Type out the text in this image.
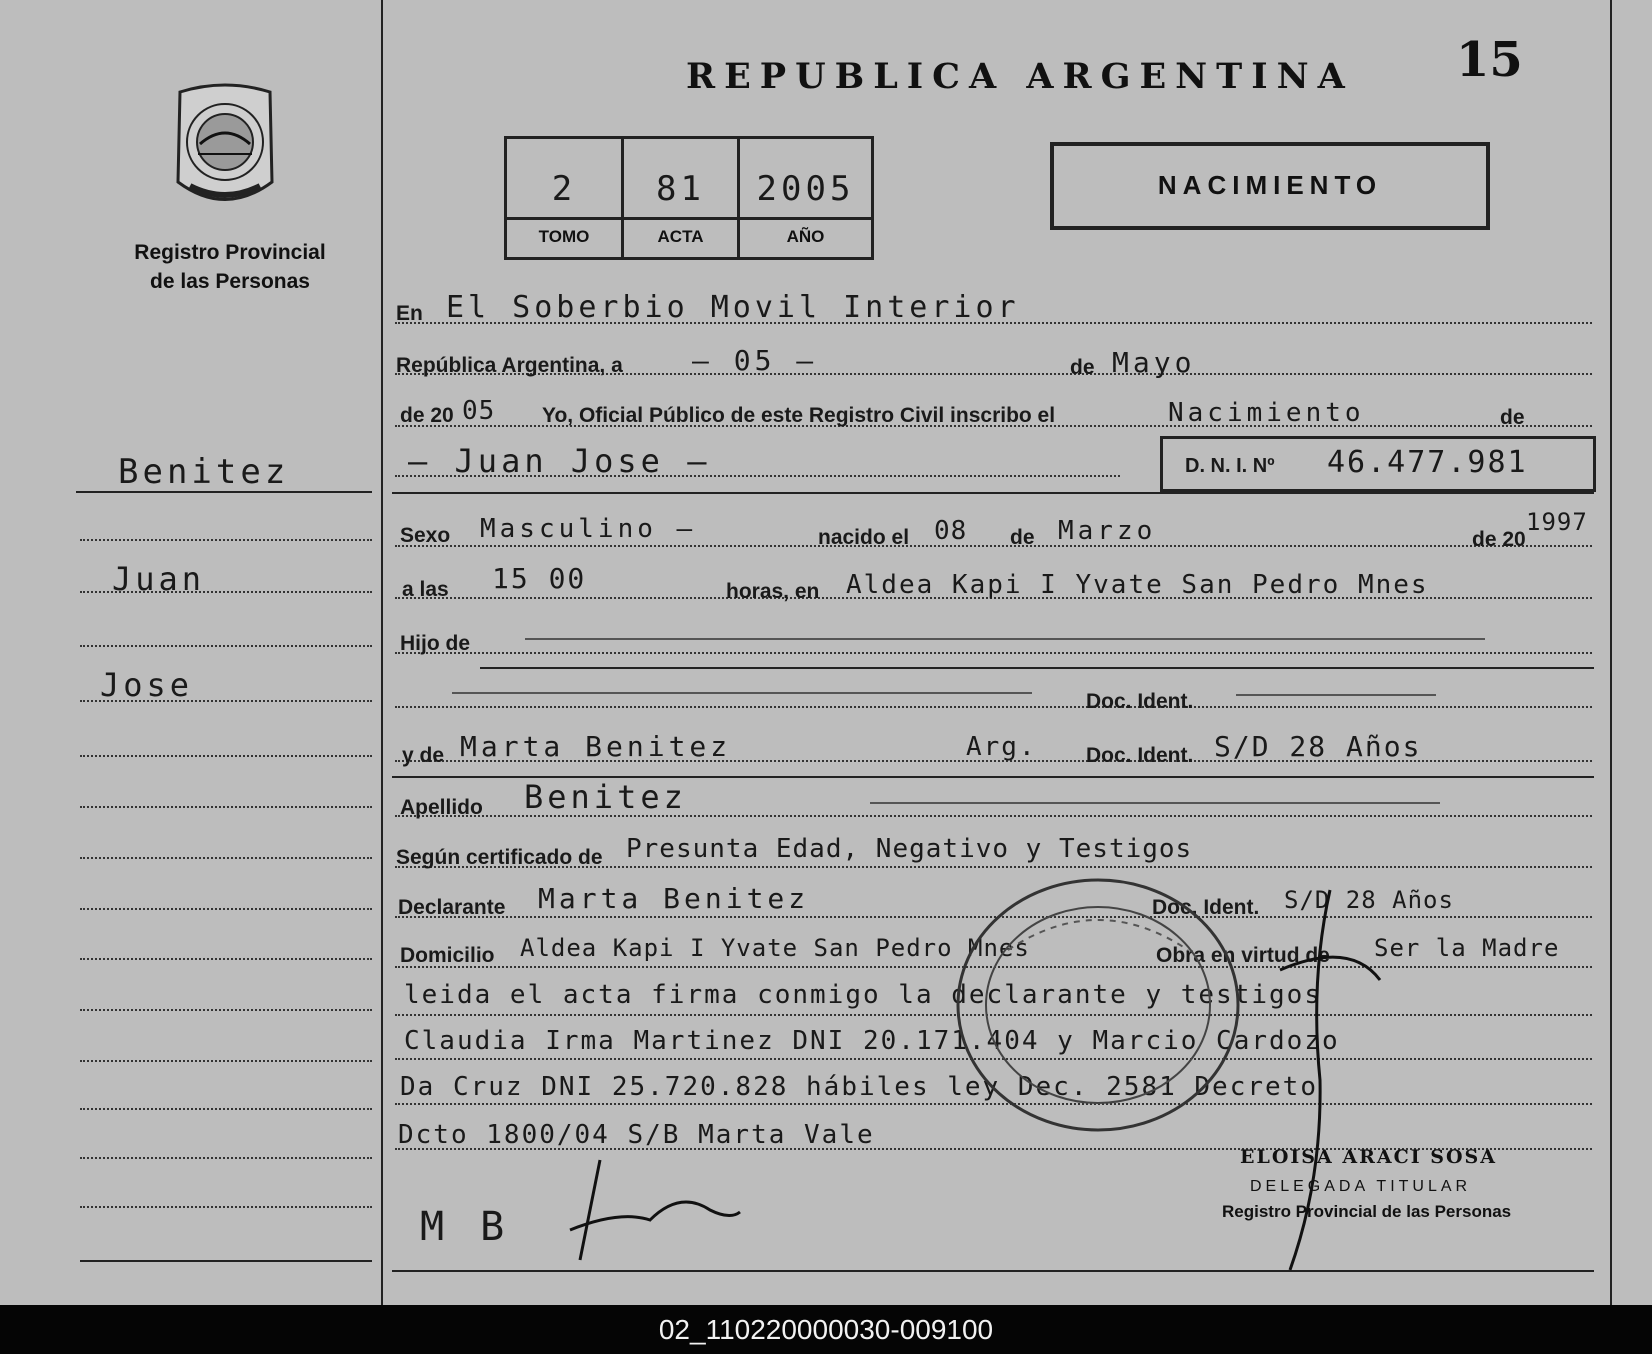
Registro Provincial
de las Personas
REPUBLICA ARGENTINA 15
2	81	2005
TOMO	ACTA	AÑO
NACIMIENTO
Benitez
Juan
Jose
En El Soberbio Movil Interior
República Argentina, a — 05 —	de Mayo
de 20 05 Yo, Oficial Público de este Registro Civil inscribo el	Nacimiento	de
— Juan Jose —	D. N. I. Nº 46.477.981
Sexo Masculino —	nacido el 08 de Marzo	de 20
1997
a las 15 00	horas, en Aldea Kapi I Yvate San Pedro Mnes
Hijo de
Doc. Ident.
y de Marta Benitez	Arg. Doc. Ident. S/D 28 Años
Apellido Benitez
Según certificado de Presunta Edad, Negativo y Testigos
Declarante Marta Benitez	Doc. Ident. S/D 28 Años
Domicilio Aldea Kapi I Yvate San Pedro Mnes	Obra en virtud de Ser la Madre
leida el acta firma conmigo la declarante y testigos
Claudia Irma Martinez DNI 20.171.404 y Marcio Cardozo
Da Cruz DNI 25.720.828 hábiles ley Dec. 2581 Decreto
Dcto 1800/04 S/B Marta Vale
M B
ELOISA ARACI SOSA
DELEGADA TITULAR
Registro Provincial de las Personas
02_110220000030-009100
